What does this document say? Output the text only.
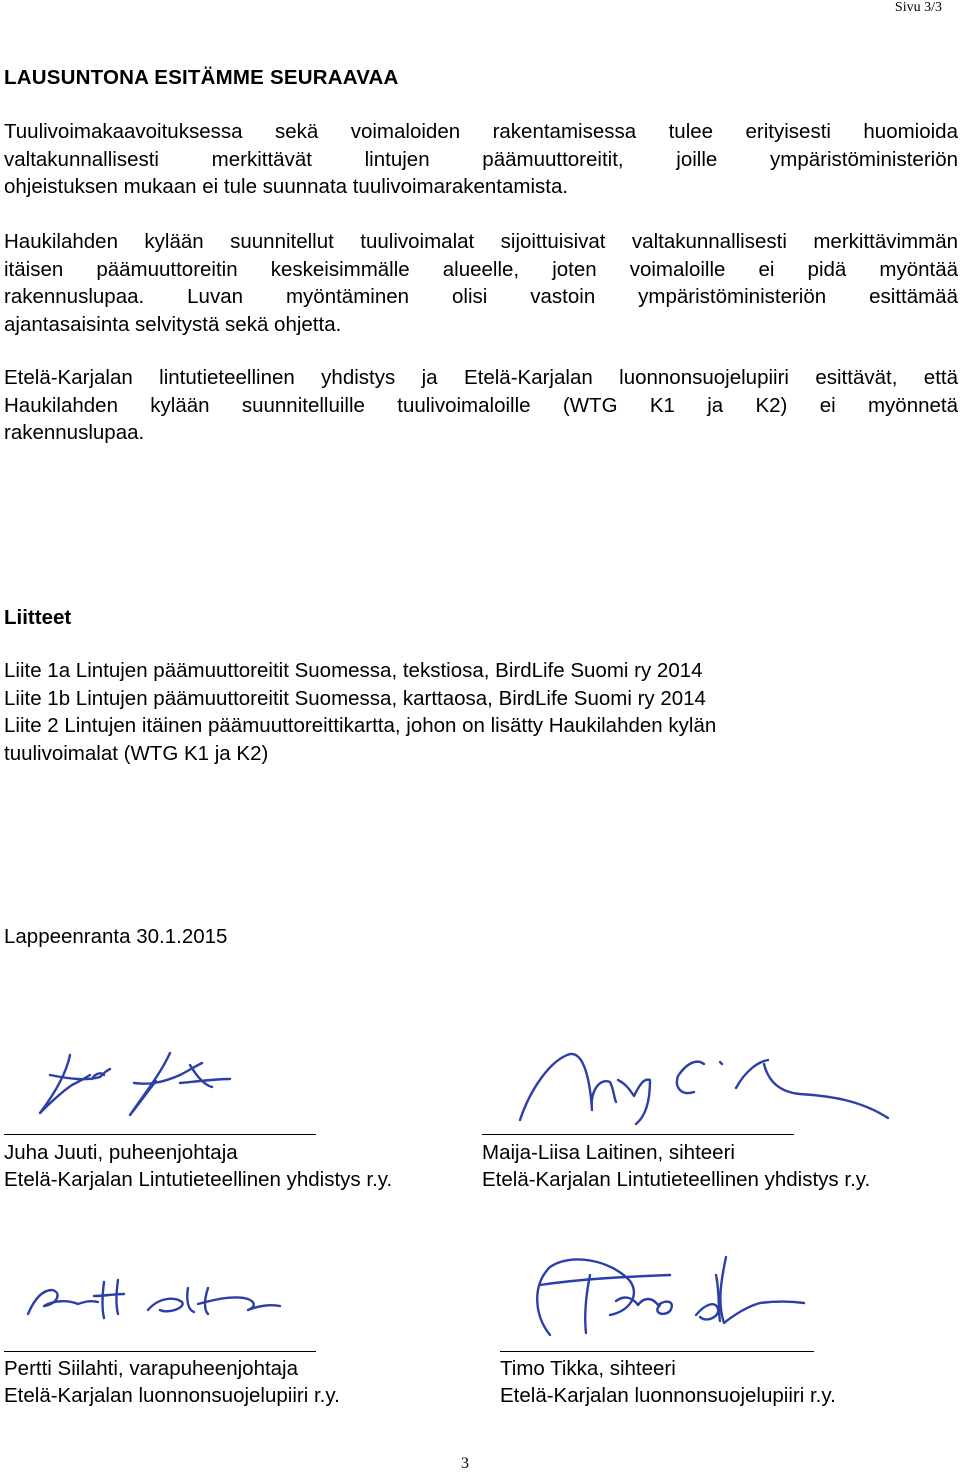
Sivu 3/3
LAUSUNTONA ESITÄMME SEURAAVAA
Tuulivoimakaavoituksessa sekä voimaloiden rakentamisessa tulee erityisesti huomioida
valtakunnallisesti merkittävät lintujen päämuuttoreitit, joille ympäristöministeriön
ohjeistuksen mukaan ei tule suunnata tuulivoimarakentamista.
Haukilahden kylään suunnitellut tuulivoimalat sijoittuisivat valtakunnallisesti merkittävimmän
itäisen päämuuttoreitin keskeisimmälle alueelle, joten voimaloille ei pidä myöntää
rakennuslupaa. Luvan myöntäminen olisi vastoin ympäristöministeriön esittämää
ajantasaisinta selvitystä sekä ohjetta.
Etelä-Karjalan lintutieteellinen yhdistys ja Etelä-Karjalan luonnonsuojelupiiri esittävät, että
Haukilahden kylään suunnitelluille tuulivoimaloille (WTG K1 ja K2) ei myönnetä
rakennuslupaa.
Liitteet
Liite 1a Lintujen päämuuttoreitit Suomessa, tekstiosa, BirdLife Suomi ry 2014
Liite 1b Lintujen päämuuttoreitit Suomessa, karttaosa, BirdLife Suomi ry 2014
Liite 2 Lintujen itäinen päämuuttoreittikartta, johon on lisätty Haukilahden kylän
tuulivoimalat (WTG K1 ja K2)
Lappeenranta 30.1.2015
Juha Juuti, puheenjohtaja
Etelä-Karjalan Lintutieteellinen yhdistys r.y.
Maija-Liisa Laitinen, sihteeri
Etelä-Karjalan Lintutieteellinen yhdistys r.y.
Pertti Siilahti, varapuheenjohtaja
Etelä-Karjalan luonnonsuojelupiiri r.y.
Timo Tikka, sihteeri
Etelä-Karjalan luonnonsuojelupiiri r.y.
3
